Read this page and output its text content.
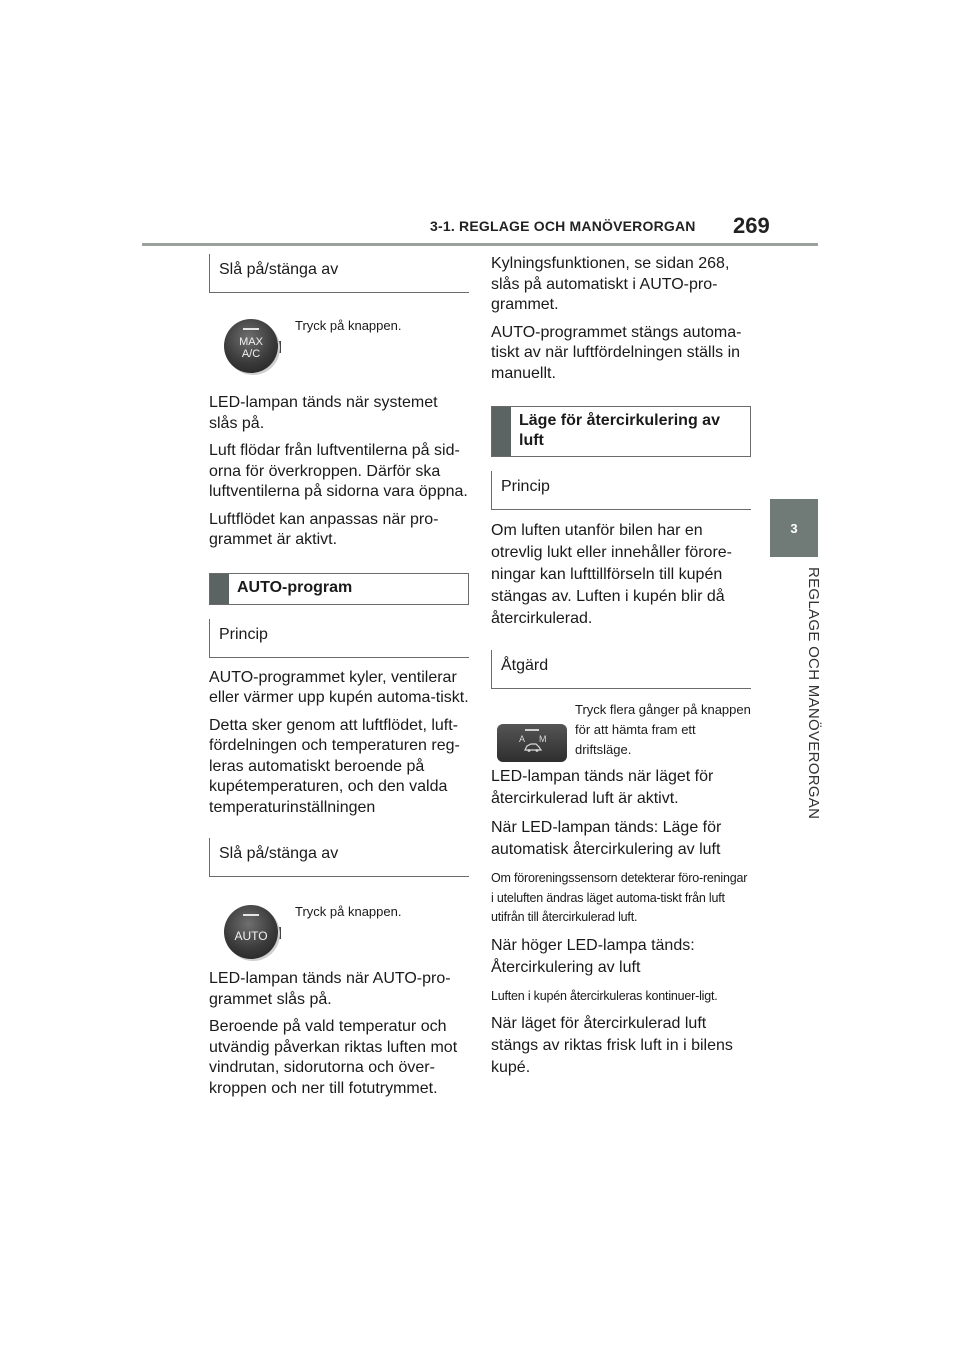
3-1. REGLAGE OCH MANÖVERORGAN 269
3
REGLAGE OCH MANÖVERORGAN
Slå på/stänga av
MAX
A/C
Tryck på knappen.

LED-lampan tänds när systemet slås på.

Luft flödar från luftventilerna på sid-orna för överkroppen. Därför ska luftventilerna på sidorna vara öppna.

Luftflödet kan anpassas när pro-grammet är aktivt.

AUTO-program
Princip

AUTO-programmet kyler, ventilerar eller värmer upp kupén automa-tiskt.

Detta sker genom att luftflödet, luft-fördelningen och temperaturen reg-leras automatiskt beroende på kupétemperaturen, och den valda temperaturinställningen

Slå på/stänga av
AUTO
Tryck på knappen.

LED-lampan tänds när AUTO-pro-grammet slås på.

Beroende på vald temperatur och utvändig påverkan riktas luften mot vindrutan, sidorutorna och över-kroppen och ner till fotutrymmet.

Kylningsfunktionen, se sidan 268, slås på automatiskt i AUTO-pro-grammet.

AUTO-programmet stängs automa-tiskt av när luftfördelningen ställs in manuellt.

Läge för återcirkulering av luft
Princip

Om luften utanför bilen har en otrevlig lukt eller innehåller förore-ningar kan lufttillförseln till kupén stängas av. Luften i kupén blir då återcirkulerad.

Åtgärd
A M
Tryck flera gånger på knappen för att hämta fram ett driftsläge.

LED-lampan tänds när läget för återcirkulerad luft är aktivt.

När LED-lampan tänds: Läge för automatisk återcirkulering av luft

Om föroreningssensorn detekterar föro-reningar i uteluften ändras läget automa-tiskt från luft utifrån till återcirkulerad luft.

När höger LED-lampa tänds: Återcirkulering av luft

Luften i kupén återcirkuleras kontinuer-ligt.

När läget för återcirkulerad luft stängs av riktas frisk luft in i bilens kupé.
